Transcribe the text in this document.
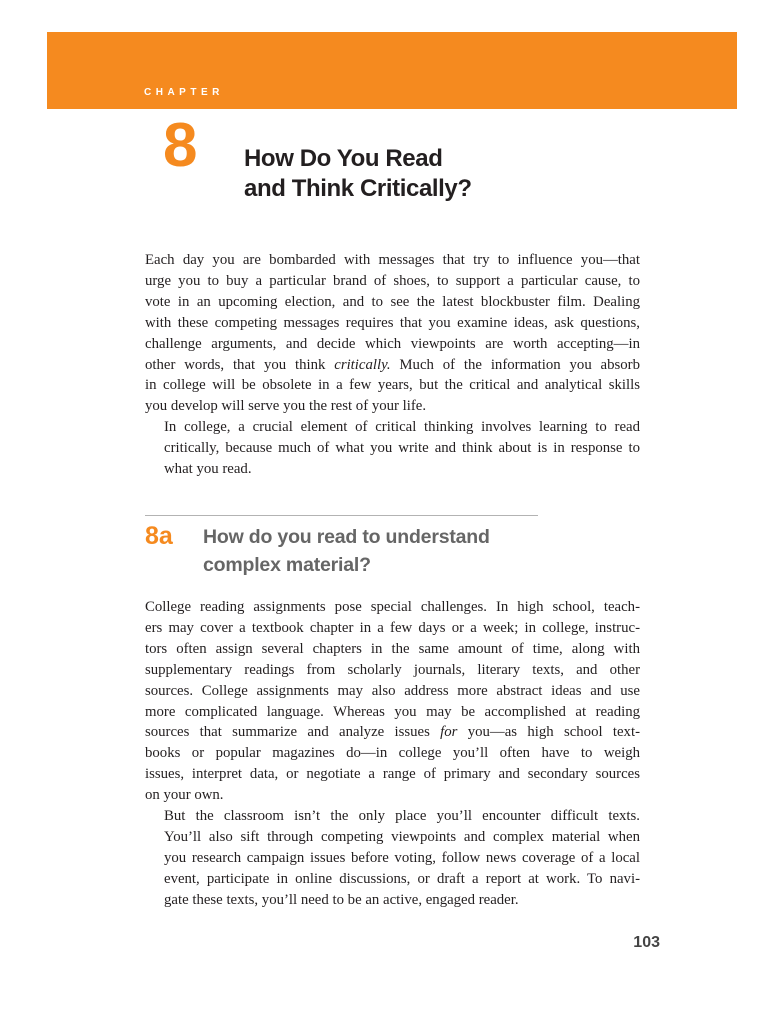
CHAPTER
8 How Do You Read
and Think Critically?

Each day you are bombarded with messages that try to influence you—that
urge you to buy a particular brand of shoes, to support a particular cause, to
vote in an upcoming election, and to see the latest blockbuster film. Dealing
with these competing messages requires that you examine ideas, ask questions,
challenge arguments, and decide which viewpoints are worth accepting—in
other words, that you think critically. Much of the information you absorb
in college will be obsolete in a few years, but the critical and analytical skills
you develop will serve you the rest of your life.

In college, a crucial element of critical thinking involves learning to read
critically, because much of what you write and think about is in response to
what you read.

8a How do you read to understand
complex material?

College reading assignments pose special challenges. In high school, teach-
ers may cover a textbook chapter in a few days or a week; in college, instruc-
tors often assign several chapters in the same amount of time, along with
supplementary readings from scholarly journals, literary texts, and other
sources. College assignments may also address more abstract ideas and use
more complicated language. Whereas you may be accomplished at reading
sources that summarize and analyze issues for you—as high school text-
books or popular magazines do—in college you’ll often have to weigh
issues, interpret data, or negotiate a range of primary and secondary sources
on your own.

But the classroom isn’t the only place you’ll encounter difficult texts.
You’ll also sift through competing viewpoints and complex material when
you research campaign issues before voting, follow news coverage of a local
event, participate in online discussions, or draft a report at work. To navi-
gate these texts, you’ll need to be an active, engaged reader.

103
